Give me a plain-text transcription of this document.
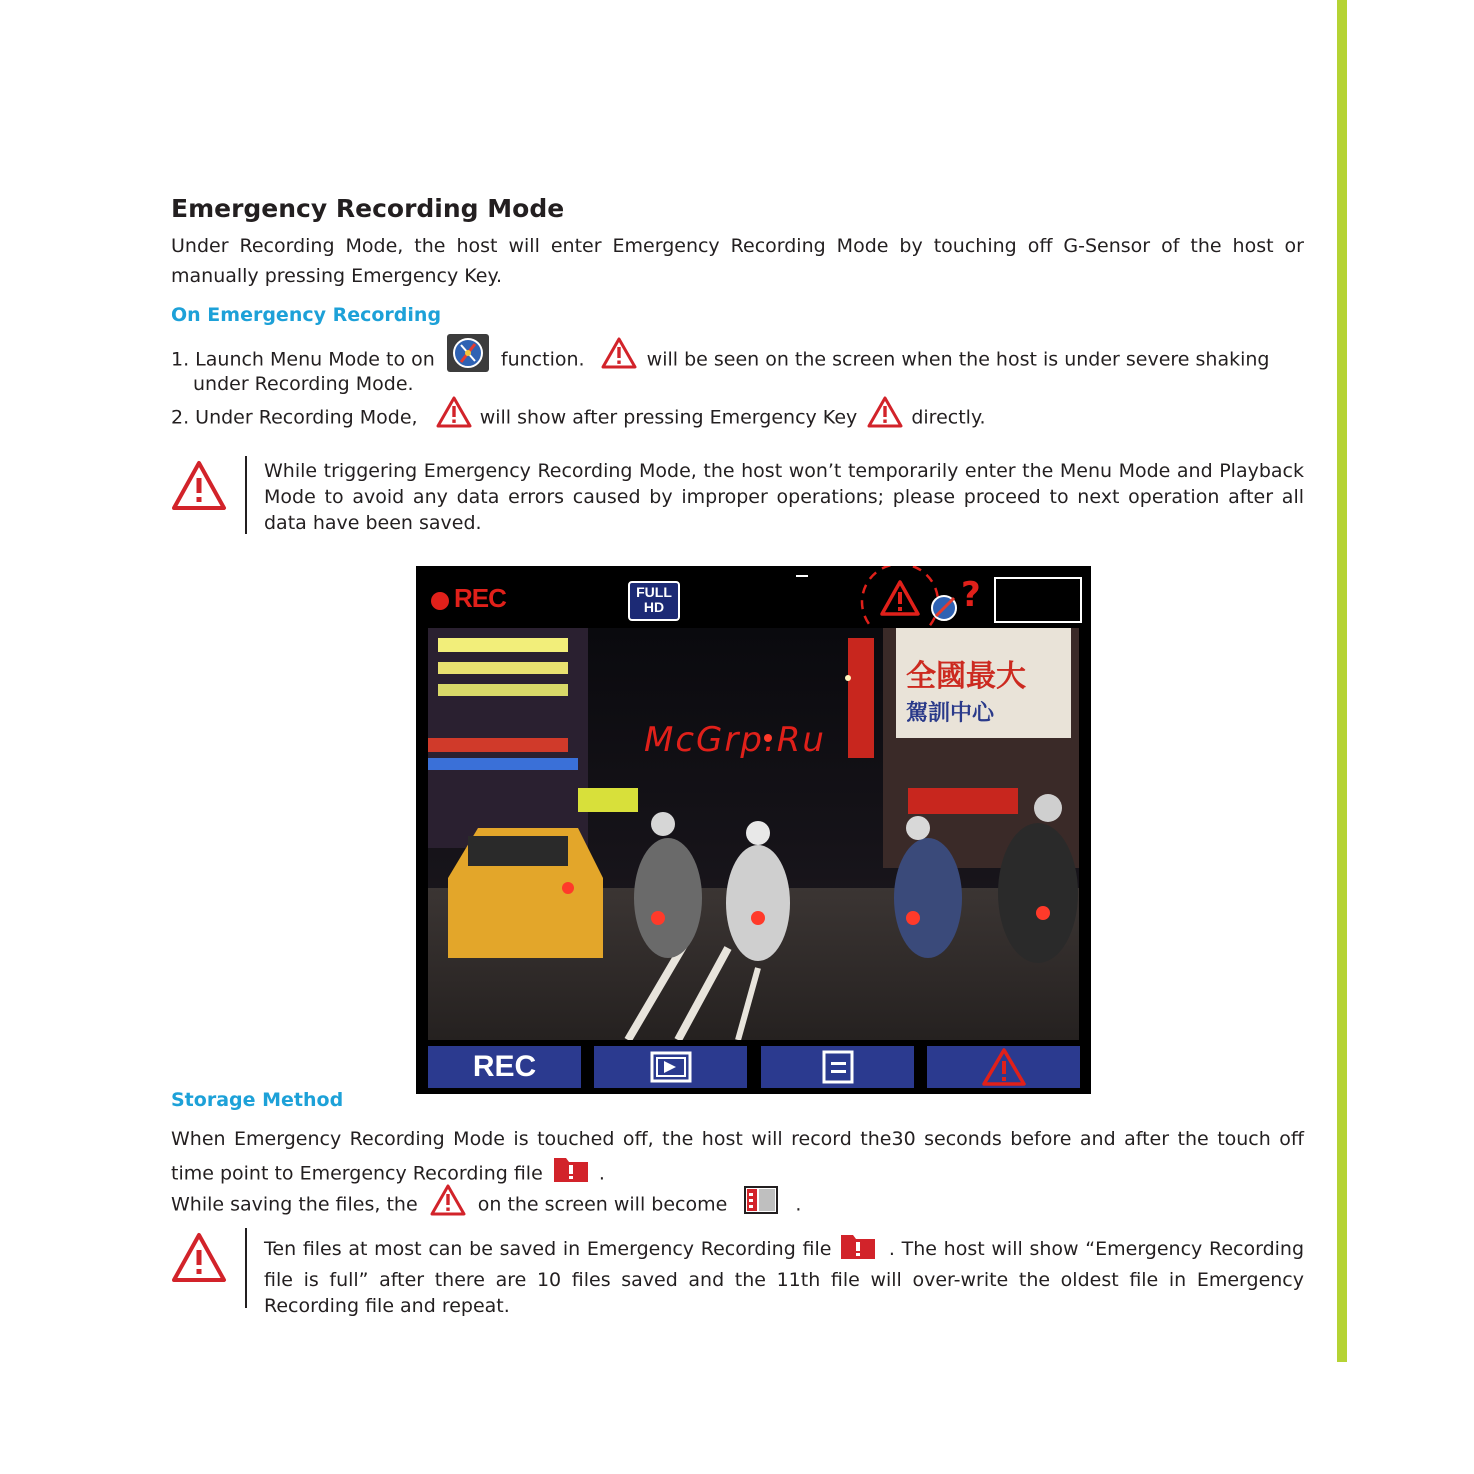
Emergency Recording Mode
Under Recording Mode, the host will enter Emergency Recording Mode by touching off G-Sensor of the host or manually pressing Emergency Key.
On Emergency Recording
1. Launch Menu Mode to on	function.	will be seen on the screen when the host is under severe shaking
under Recording Mode.
2. Under Recording Mode,	will show after pressing Emergency Key	directly.
While triggering Emergency Recording Mode, the host won’t temporarily enter the Menu Mode and Playback Mode to avoid any data errors caused by improper operations; please proceed to next operation after all data have been saved.
?
REC	FULL
HD
全國最大
駕訓中心
REC
McGrp.Ru
Storage Method
When Emergency Recording Mode is touched off, the host will record the30 seconds before and after the touch off time point to Emergency Recording file	.
While saving the files, the	on the screen will become	.
Ten files at most can be saved in Emergency Recording file	. The host will show “Emergency Recording file is full” after there are 10 files saved and the 11th file will over-write the oldest file in Emergency Recording file and repeat.
